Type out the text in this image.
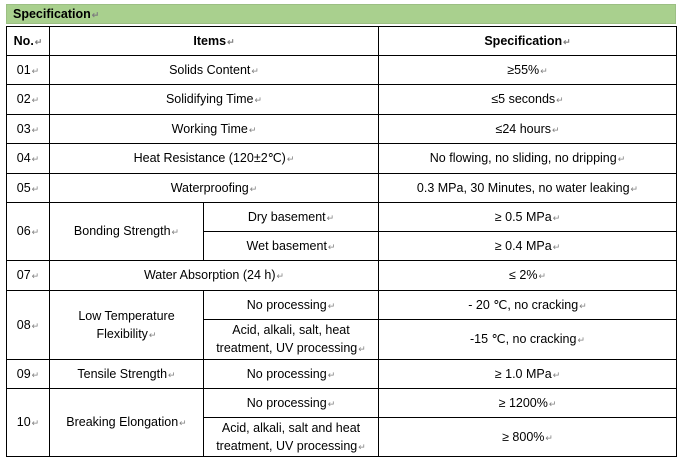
Specification↵
No.↵	Items↵		Specification↵
01↵	Solids Content↵		≥55%↵
02↵	Solidifying Time↵		≤5 seconds↵
03↵	Working Time↵		≤24 hours↵
04↵	Heat Resistance (120±2℃)↵		No flowing, no sliding, no dripping↵
05↵	Waterproofing↵		0.3 MPa, 30 Minutes, no water leaking↵
06↵	Bonding Strength↵	Dry basement↵	≥ 0.5 MPa↵
		Wet basement↵	≥ 0.4 MPa↵
07↵	Water Absorption (24 h)↵		≤ 2%↵
08↵	Low Temperature Flexibility↵	No processing↵	- 20 ℃, no cracking↵
		Acid, alkali, salt, heat treatment, UV processing↵	-15 ℃, no cracking↵
09↵	Tensile Strength↵	No processing↵	≥ 1.0 MPa↵
10↵	Breaking Elongation↵	No processing↵	≥ 1200%↵
		Acid, alkali, salt and heat treatment, UV processing↵	≥ 800%↵
